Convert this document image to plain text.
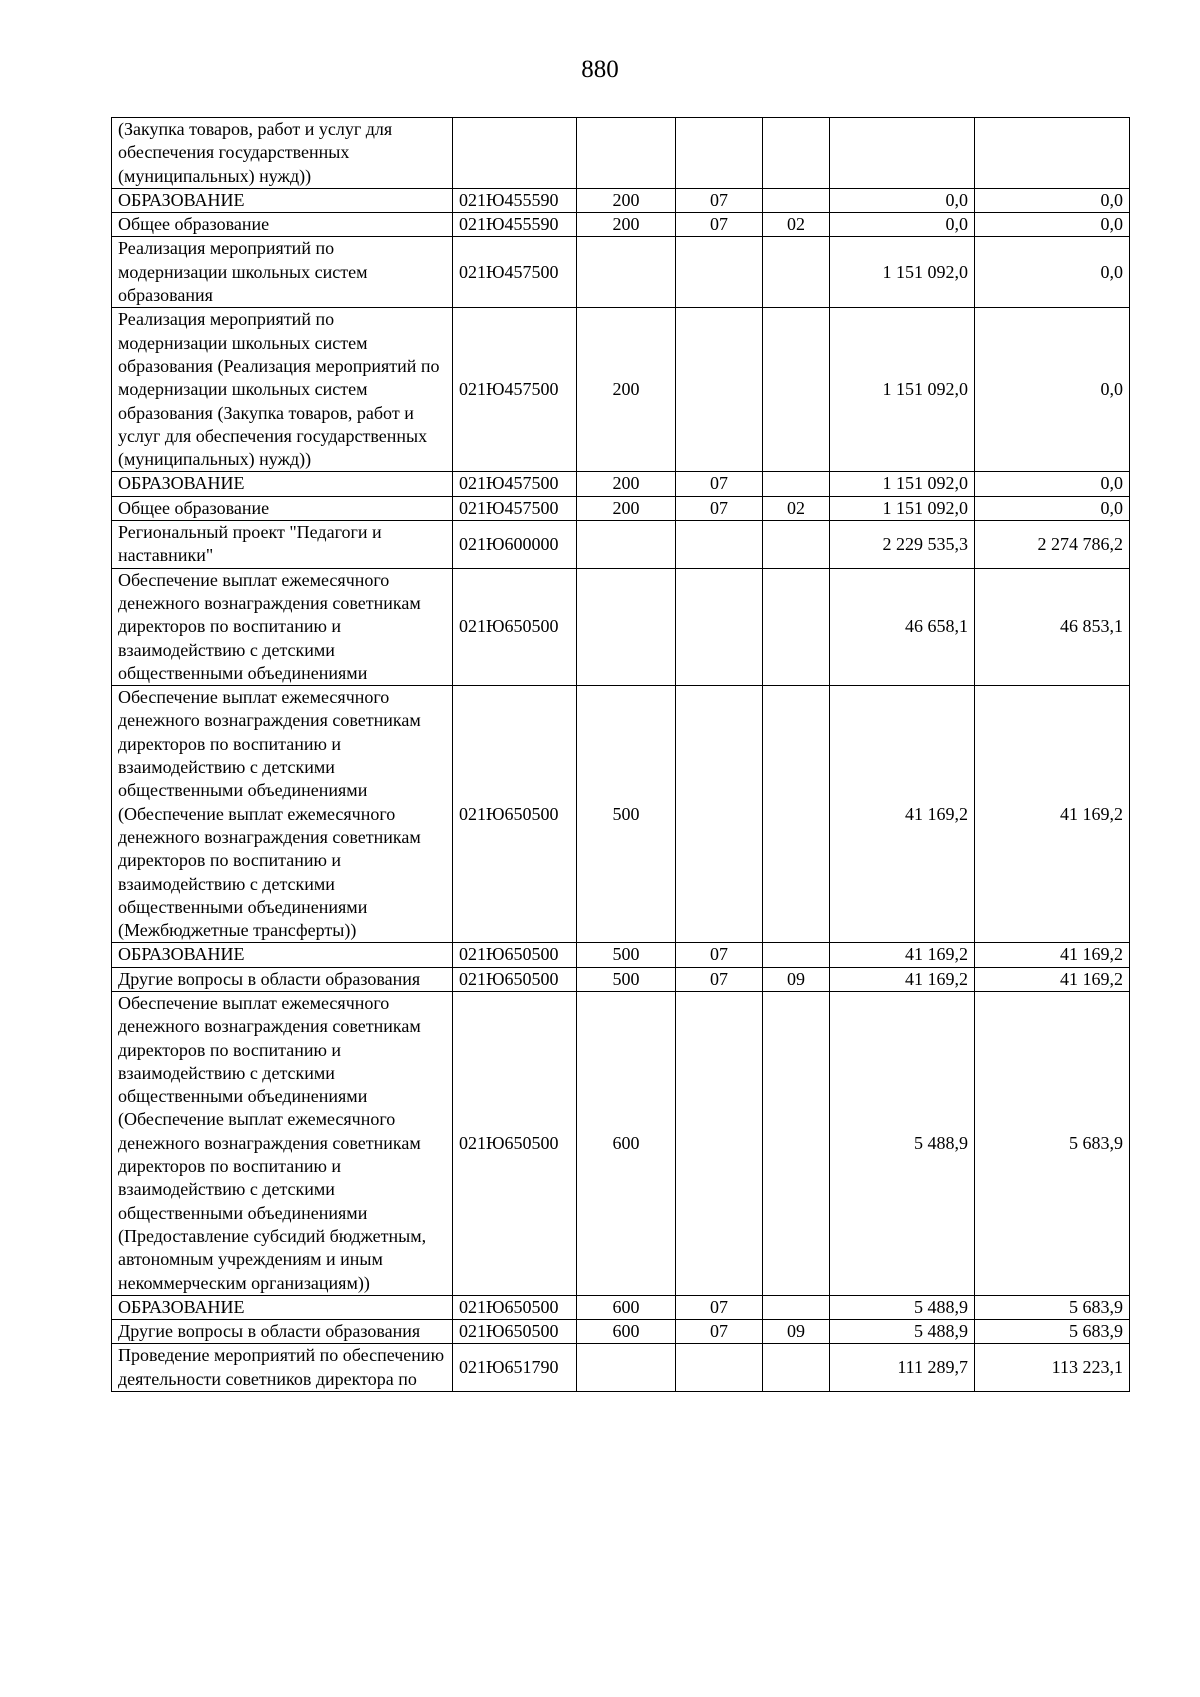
880
(Закупка товаров, работ и услуг для обеспечения государственных (муниципальных) нужд))						
ОБРАЗОВАНИЕ	021Ю455590	200	07		0,0	0,0
Общее образование	021Ю455590	200	07	02	0,0	0,0
Реализация мероприятий по модернизации школьных систем образования	021Ю457500				1 151 092,0	0,0
Реализация мероприятий по модернизации школьных систем образования (Реализация мероприятий по модернизации школьных систем образования (Закупка товаров, работ и услуг для обеспечения государственных (муниципальных) нужд))	021Ю457500	200			1 151 092,0	0,0
ОБРАЗОВАНИЕ	021Ю457500	200	07		1 151 092,0	0,0
Общее образование	021Ю457500	200	07	02	1 151 092,0	0,0
Региональный проект "Педагоги и наставники"	021Ю600000				2 229 535,3	2 274 786,2
Обеспечение выплат ежемесячного денежного вознаграждения советникам директоров по воспитанию и взаимодействию с детскими общественными объединениями	021Ю650500				46 658,1	46 853,1
Обеспечение выплат ежемесячного денежного вознаграждения советникам директоров по воспитанию и взаимодействию с детскими общественными объединениями (Обеспечение выплат ежемесячного денежного вознаграждения советникам директоров по воспитанию и взаимодействию с детскими общественными объединениями (Межбюджетные трансферты))	021Ю650500	500			41 169,2	41 169,2
ОБРАЗОВАНИЕ	021Ю650500	500	07		41 169,2	41 169,2
Другие вопросы в области образования	021Ю650500	500	07	09	41 169,2	41 169,2
Обеспечение выплат ежемесячного денежного вознаграждения советникам директоров по воспитанию и взаимодействию с детскими общественными объединениями (Обеспечение выплат ежемесячного денежного вознаграждения советникам директоров по воспитанию и взаимодействию с детскими общественными объединениями (Предоставление субсидий бюджетным, автономным учреждениям и иным некоммерческим организациям))	021Ю650500	600			5 488,9	5 683,9
ОБРАЗОВАНИЕ	021Ю650500	600	07		5 488,9	5 683,9
Другие вопросы в области образования	021Ю650500	600	07	09	5 488,9	5 683,9
Проведение мероприятий по обеспечению деятельности советников директора по	021Ю651790				111 289,7	113 223,1
